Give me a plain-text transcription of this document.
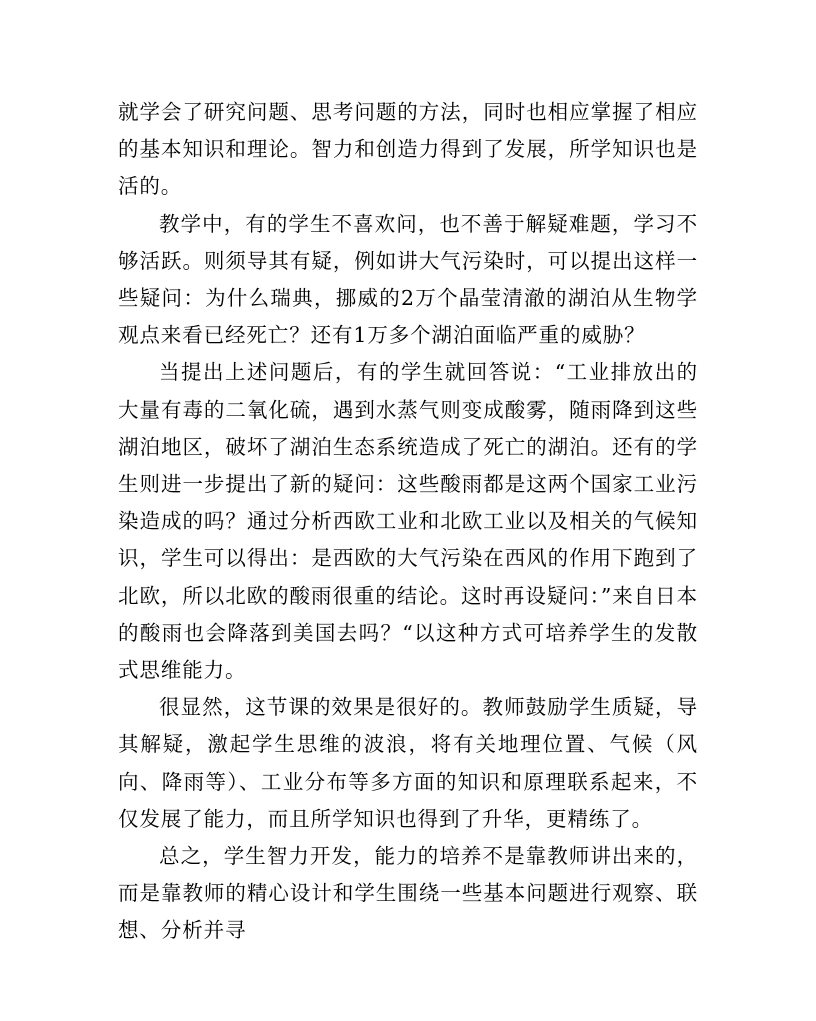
就学会了研究问题、思考问题的方法，同时也相应掌握了相应的基本知识和理论。智力和创造力得到了发展，所学知识也是活的。

教学中，有的学生不喜欢问，也不善于解疑难题，学习不够活跃。则须导其有疑，例如讲大气污染时，可以提出这样一些疑问：为什么瑞典，挪威的2万个晶莹清澈的湖泊从生物学观点来看已经死亡？还有1万多个湖泊面临严重的威胁？

当提出上述问题后，有的学生就回答说：“工业排放出的大量有毒的二氧化硫，遇到水蒸气则变成酸雾，随雨降到这些湖泊地区，破坏了湖泊生态系统造成了死亡的湖泊。还有的学生则进一步提出了新的疑问：这些酸雨都是这两个国家工业污染造成的吗？通过分析西欧工业和北欧工业以及相关的气候知识，学生可以得出：是西欧的大气污染在西风的作用下跑到了北欧，所以北欧的酸雨很重的结论。这时再设疑问：”来自日本的酸雨也会降落到美国去吗？“以这种方式可培养学生的发散式思维能力。

很显然，这节课的效果是很好的。教师鼓励学生质疑，导其解疑，激起学生思维的波浪，将有关地理位置、气候（风向、降雨等）、工业分布等多方面的知识和原理联系起来，不仅发展了能力，而且所学知识也得到了升华，更精练了。

总之，学生智力开发，能力的培养不是靠教师讲出来的，而是靠教师的精心设计和学生围绕一些基本问题进行观察、联想、分析并寻
